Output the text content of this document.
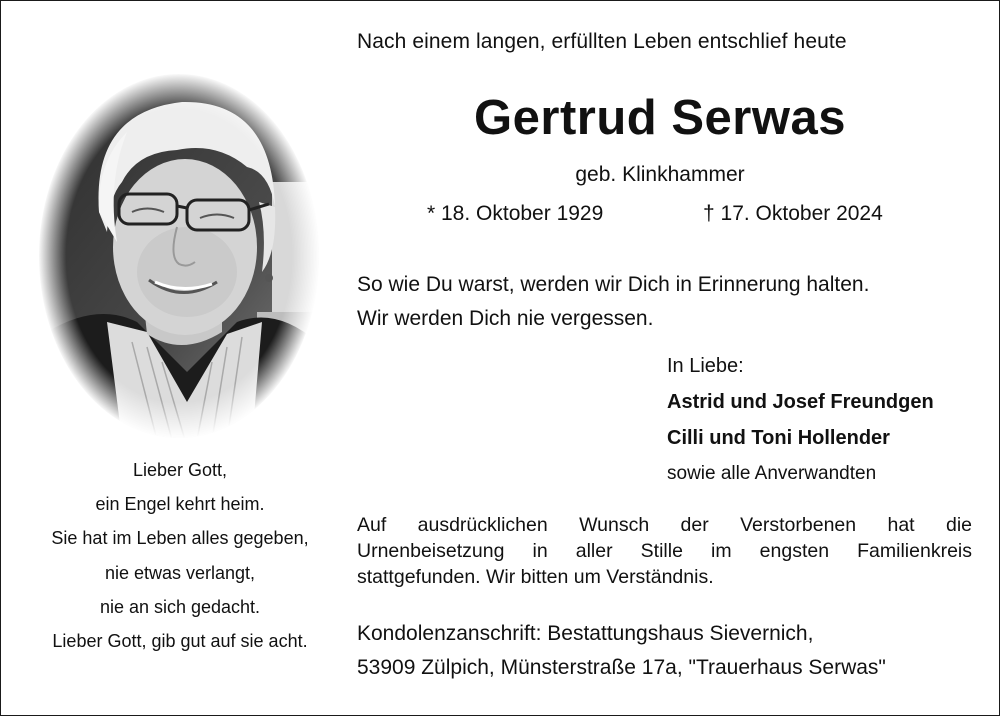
Nach einem langen, erfüllten Leben entschlief heute
Gertrud Serwas
geb. Klinkhammer
* 18. Oktober 1929	† 17. Oktober 2024
So wie Du warst, werden wir Dich in Erinnerung halten.
Wir werden Dich nie vergessen.
In Liebe:
Astrid und Josef Freundgen
Cilli und Toni Hollender
sowie alle Anverwandten
Auf ausdrücklichen Wunsch der Verstorbenen hat die
Urnenbeisetzung in aller Stille im engsten Familienkreis
stattgefunden. Wir bitten um Verständnis.
Kondolenzanschrift: Bestattungshaus Sievernich,
53909 Zülpich, Münsterstraße 17a, "Trauerhaus Serwas"
Lieber Gott,
ein Engel kehrt heim.
Sie hat im Leben alles gegeben,
nie etwas verlangt,
nie an sich gedacht.
Lieber Gott, gib gut auf sie acht.
